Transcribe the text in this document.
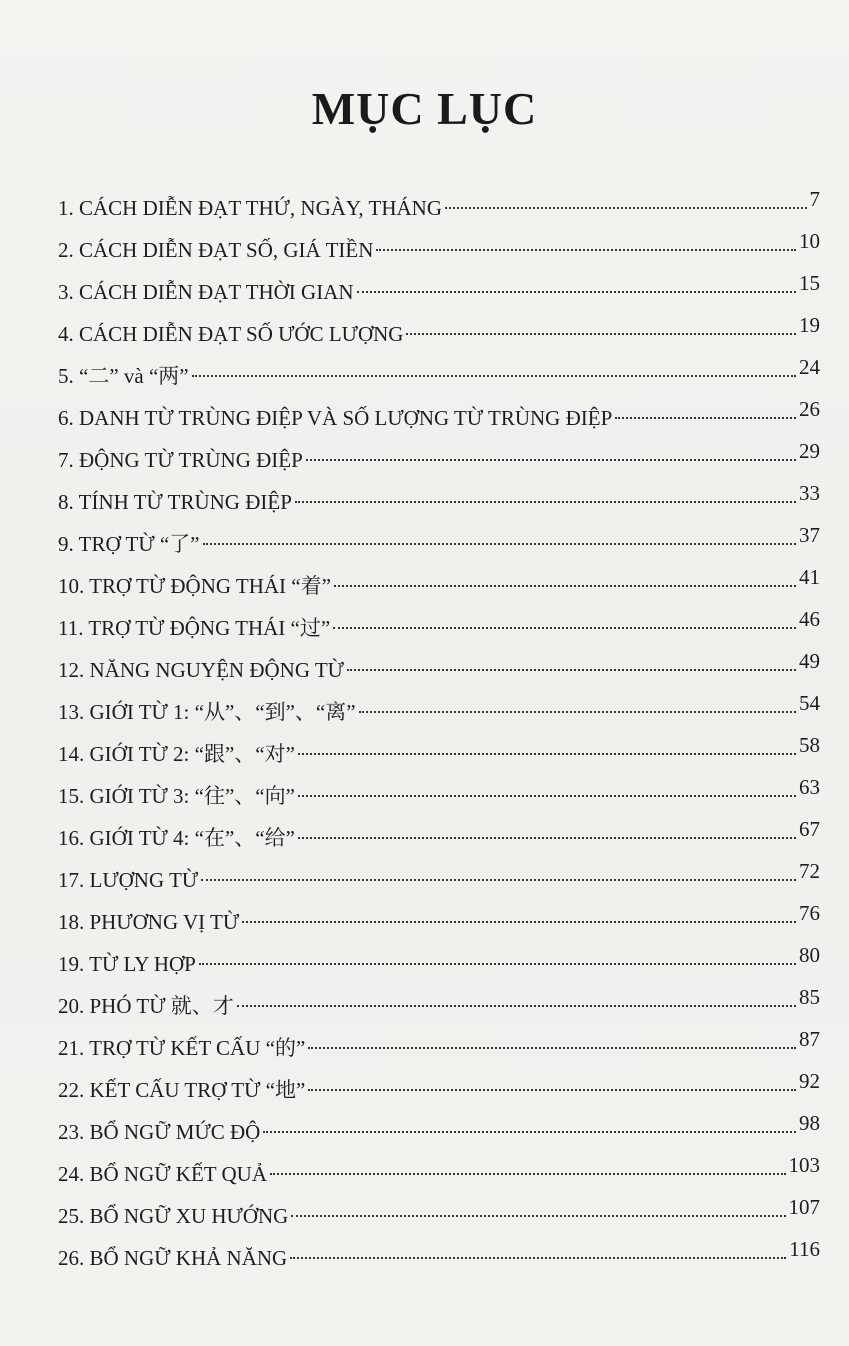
MỤC LỤC
1. CÁCH DIỄN ĐẠT THỨ, NGÀY, THÁNG	7
2. CÁCH DIỄN ĐẠT SỐ, GIÁ TIỀN	10
3. CÁCH DIỄN ĐẠT THỜI GIAN	15
4. CÁCH DIỄN ĐẠT SỐ ƯỚC LƯỢNG	19
5. “二” và “两”	24
6. DANH TỪ TRÙNG ĐIỆP VÀ SỐ LƯỢNG TỪ TRÙNG ĐIỆP	26
7. ĐỘNG TỪ TRÙNG ĐIỆP	29
8. TÍNH TỪ TRÙNG ĐIỆP	33
9. TRỢ TỪ “了”	37
10. TRỢ TỪ ĐỘNG THÁI “着”	41
11. TRỢ TỪ ĐỘNG THÁI “过”	46
12. NĂNG NGUYỆN ĐỘNG TỪ	49
13. GIỚI TỪ 1: “从”、“到”、“离”	54
14. GIỚI TỪ 2: “跟”、“对”	58
15. GIỚI TỪ 3: “往”、“向”	63
16. GIỚI TỪ 4: “在”、“给”	67
17. LƯỢNG TỪ	72
18. PHƯƠNG VỊ TỪ	76
19. TỪ LY HỢP	80
20. PHÓ TỪ 就、才	85
21. TRỢ TỪ KẾT CẤU “的”	87
22. KẾT CẤU TRỢ TỪ “地”	92
23. BỔ NGỮ MỨC ĐỘ	98
24. BỔ NGỮ KẾT QUẢ	103
25. BỔ NGỮ XU HƯỚNG	107
26. BỔ NGỮ KHẢ NĂNG	116
